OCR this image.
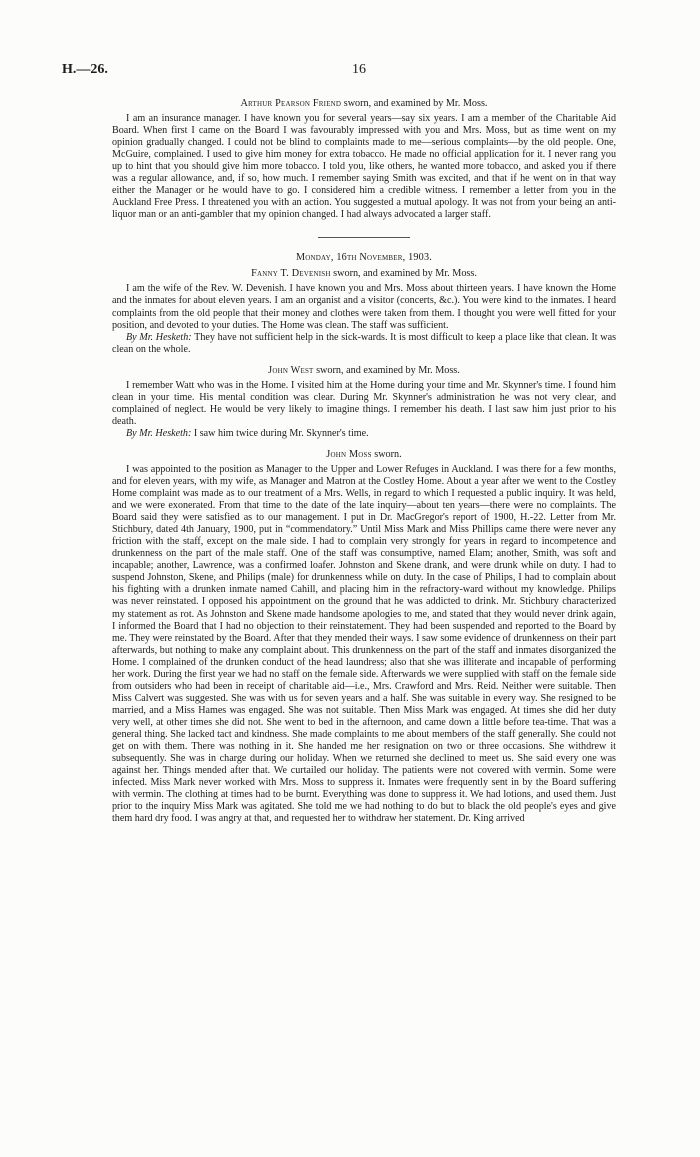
H.—26.	16
Arthur Pearson Friend sworn, and examined by Mr. Moss.

I am an insurance manager. I have known you for several years—say six years. I am a member of the Charitable Aid Board. When first I came on the Board I was favourably impressed with you and Mrs. Moss, but as time went on my opinion gradually changed. I could not be blind to complaints made to me—serious complaints—by the old people. One, McGuire, complained. I used to give him money for extra tobacco. He made no official application for it. I never rang you up to hint that you should give him more tobacco. I told you, like others, he wanted more tobacco, and asked you if there was a regular allowance, and, if so, how much. I remember saying Smith was excited, and that if he went on in that way either the Manager or he would have to go. I considered him a credible witness. I remember a letter from you in the Auckland Free Press. I threatened you with an action. You suggested a mutual apology. It was not from your being an anti-liquor man or an anti-gambler that my opinion changed. I had always advocated a larger staff.

Monday, 16th November, 1903.
Fanny T. Devenish sworn, and examined by Mr. Moss.

I am the wife of the Rev. W. Devenish. I have known you and Mrs. Moss about thirteen years. I have known the Home and the inmates for about eleven years. I am an organist and a visitor (concerts, &c.). You were kind to the inmates. I heard complaints from the old people that their money and clothes were taken from them. I thought you were well fitted for your position, and devoted to your duties. The Home was clean. The staff was sufficient.

By Mr. Hesketh: They have not sufficient help in the sick-wards. It is most difficult to keep a place like that clean. It was clean on the whole.

John West sworn, and examined by Mr. Moss.

I remember Watt who was in the Home. I visited him at the Home during your time and Mr. Skynner's time. I found him clean in your time. His mental condition was clear. During Mr. Skynner's administration he was not very clear, and complained of neglect. He would be very likely to imagine things. I remember his death. I last saw him just prior to his death.

By Mr. Hesketh: I saw him twice during Mr. Skynner's time.

John Moss sworn.

I was appointed to the position as Manager to the Upper and Lower Refuges in Auckland. I was there for a few months, and for eleven years, with my wife, as Manager and Matron at the Costley Home. About a year after we went to the Costley Home complaint was made as to our treatment of a Mrs. Wells, in regard to which I requested a public inquiry. It was held, and we were exonerated. From that time to the date of the late inquiry—about ten years—there were no complaints. The Board said they were satisfied as to our management. I put in Dr. MacGregor's report of 1900, H.-22. Letter from Mr. Stichbury, dated 4th January, 1900, put in “commendatory.” Until Miss Mark and Miss Phillips came there were never any friction with the staff, except on the male side. I had to complain very strongly for years in regard to incompetence and drunkenness on the part of the male staff. One of the staff was consumptive, named Elam; another, Smith, was soft and incapable; another, Lawrence, was a confirmed loafer. Johnston and Skene drank, and were drunk while on duty. I had to suspend Johnston, Skene, and Philips (male) for drunkenness while on duty. In the case of Philips, I had to complain about his fighting with a drunken inmate named Cahill, and placing him in the refractory-ward without my knowledge. Philips was never reinstated. I opposed his appointment on the ground that he was addicted to drink. Mr. Stichbury characterized my statement as rot. As Johnston and Skene made handsome apologies to me, and stated that they would never drink again, I informed the Board that I had no objection to their reinstatement. They had been suspended and reported to the Board by me. They were reinstated by the Board. After that they mended their ways. I saw some evidence of drunkenness on their part afterwards, but nothing to make any complaint about. This drunkenness on the part of the staff and inmates disorganized the Home. I complained of the drunken conduct of the head laundress; also that she was illiterate and incapable of performing her work. During the first year we had no staff on the female side. Afterwards we were supplied with staff on the female side from outsiders who had been in receipt of charitable aid—i.e., Mrs. Crawford and Mrs. Reid. Neither were suitable. Then Miss Calvert was suggested. She was with us for seven years and a half. She was suitable in every way. She resigned to be married, and a Miss Hames was engaged. She was not suitable. Then Miss Mark was engaged. At times she did her duty very well, at other times she did not. She went to bed in the afternoon, and came down a little before tea-time. That was a general thing. She lacked tact and kindness. She made complaints to me about members of the staff generally. She could not get on with them. There was nothing in it. She handed me her resignation on two or three occasions. She withdrew it subsequently. She was in charge during our holiday. When we returned she declined to meet us. She said every one was against her. Things mended after that. We curtailed our holiday. The patients were not covered with vermin. Some were infected. Miss Mark never worked with Mrs. Moss to suppress it. Inmates were frequently sent in by the Board suffering with vermin. The clothing at times had to be burnt. Everything was done to suppress it. We had lotions, and used them. Just prior to the inquiry Miss Mark was agitated. She told me we had nothing to do but to black the old people's eyes and give them hard dry food. I was angry at that, and requested her to withdraw her statement. Dr. King arrived
